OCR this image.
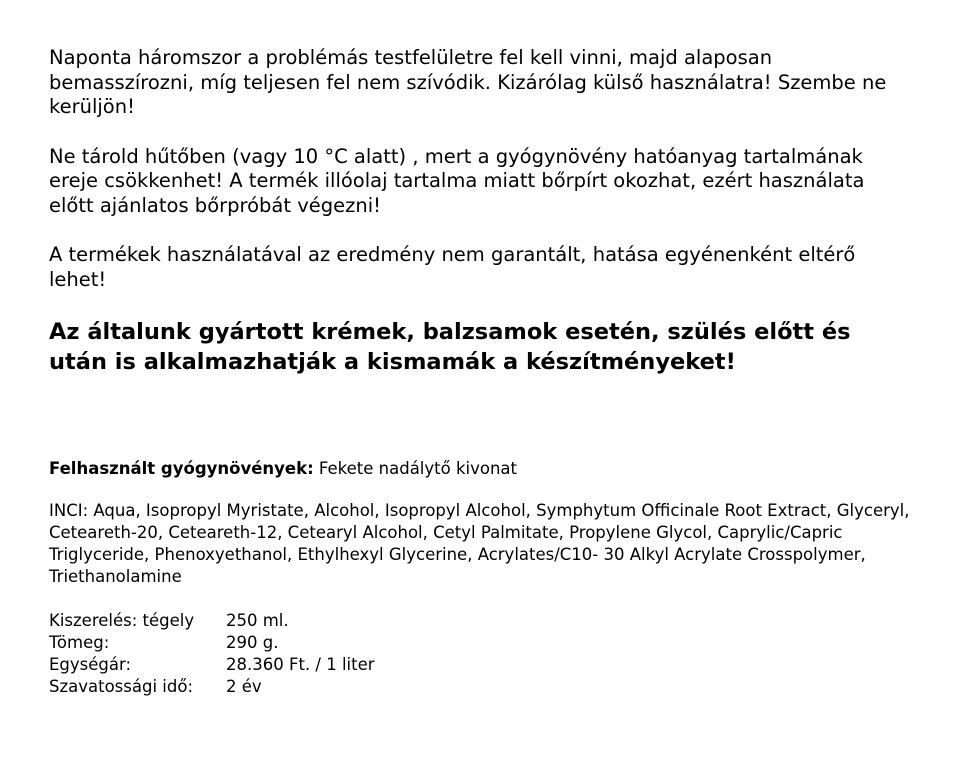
Naponta háromszor a problémás testfelületre fel kell vinni, majd alaposan bemasszírozni, míg teljesen fel nem szívódik. Kizárólag külső használatra! Szembe ne kerüljön!

Ne tárold hűtőben (vagy 10 °C alatt) , mert a gyógynövény hatóanyag tartalmának ereje csökkenhet! A termék illóolaj tartalma miatt bőrpírt okozhat, ezért használata előtt ajánlatos bőrpróbát végezni!

A termékek használatával az eredmény nem garantált, hatása egyénenként eltérő lehet!

Az általunk gyártott krémek, balzsamok esetén, szülés előtt és után is alkalmazhatják a kismamák a készítményeket!

Felhasznált gyógynövények: Fekete nadálytő kivonat

INCI: Aqua, Isopropyl Myristate, Alcohol, Isopropyl Alcohol, Symphytum Officinale Root Extract, Glyceryl, Ceteareth-20, Ceteareth-12, Cetearyl Alcohol, Cetyl Palmitate, Propylene Glycol, Caprylic/Capric Triglyceride, Phenoxyethanol, Ethylhexyl Glycerine, Acrylates/C10- 30 Alkyl Acrylate Crosspolymer, Triethanolamine

Kiszerelés: tégely	250 ml.
Tömeg:	290 g.
Egységár:	28.360 Ft. / 1 liter
Szavatossági idő:	2 év
